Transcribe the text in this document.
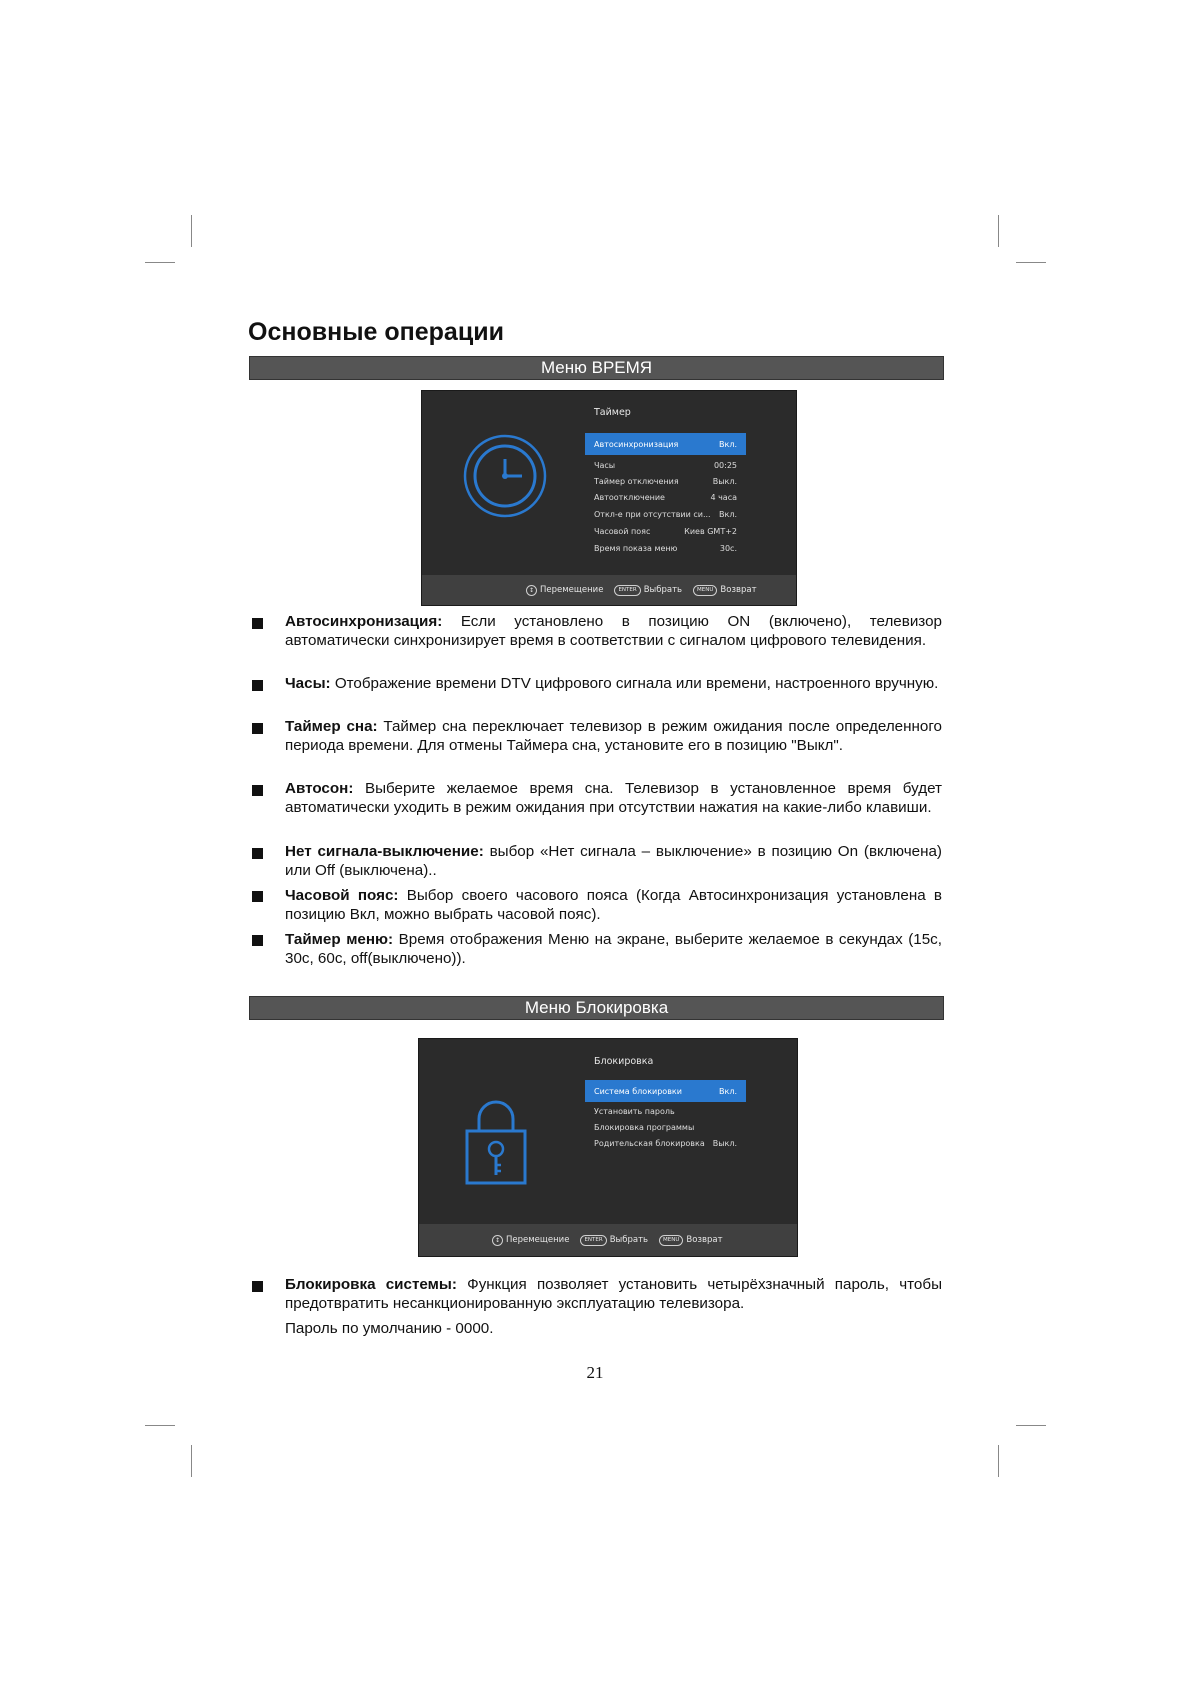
Основные операции
Меню ВРЕМЯ
Таймер
Автосинхронизация	Вкл.
Часы	00:25
Таймер отключения	Выкл.
Автоотключение	4 часа
Откл-е при отсутствии си... Вкл.
Часовой пояс	Киев GMT+2
Время показа меню	30c.
↕ Перемещение	ENTER Выбрать	MENU Возврат

Автосинхронизация: Если установлено в позицию ON (включено), телевизор автоматически синхронизирует время в соответствии с сигналом цифрового телевидения.

Часы: Отображение времени DTV цифрового сигнала или времени, настроенного вручную.

Таймер сна: Таймер сна переключает телевизор в режим ожидания после определенного периода времени. Для отмены Таймера сна, установите его в позицию "Выкл".

Автосон: Выберите желаемое время сна. Телевизор в установленное время будет автоматически уходить в режим ожидания при отсутствии нажатия на какие-либо клавиши.

Нет сигнала-выключение: выбор «Нет сигнала – выключение» в позицию On (включена) или Off (выключена)..

Часовой пояс: Выбор своего часового пояса (Когда Автосинхронизация установлена в позицию Вкл, можно выбрать часовой пояс).

Таймер меню: Время отображения Меню на экране, выберите желаемое в секундах (15с, 30с, 60с, off(выключено)).

Меню Блокировка
Блокировка
Система блокировки	Вкл.
Установить пароль
Блокировка программы
Родительская блокировка Выкл.
↕ Перемещение	ENTER Выбрать	MENU Возврат

Блокировка системы: Функция позволяет установить четырёхзначный пароль, чтобы предотвратить несанкционированную эксплуатацию телевизора.

Пароль по умолчанию - 0000.

21
